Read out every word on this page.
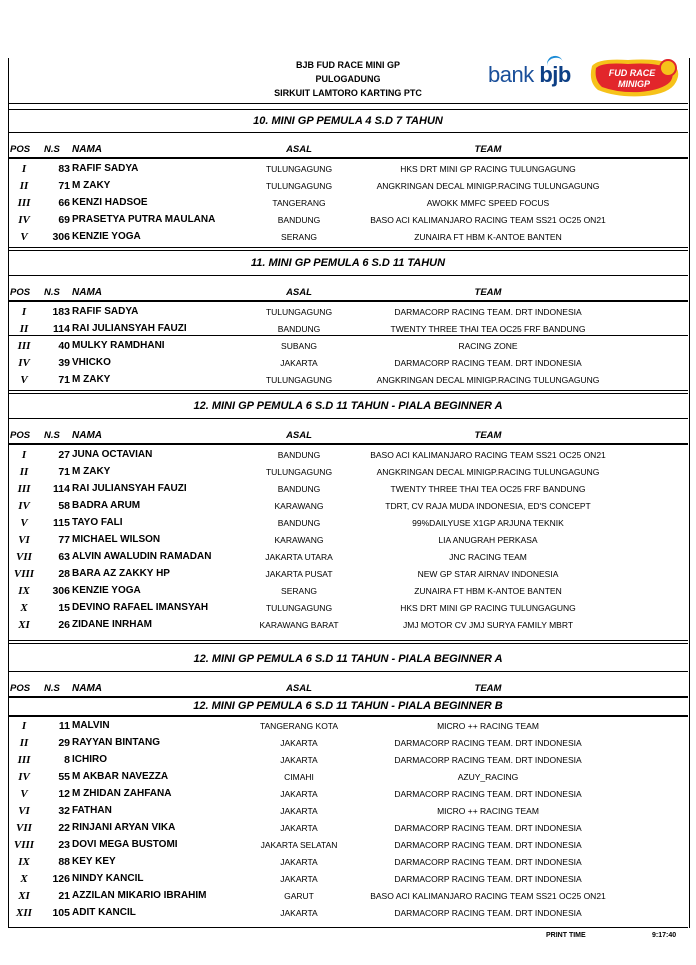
BJB FUD RACE MINI GP
PULOGADUNG
SIRKUIT LAMTORO KARTING PTC
bank bjb	FUD RACE
MINIGP
10. MINI GP PEMULA 4 S.D 7 TAHUN
POS	N.S	NAMA	ASAL	TEAM
I	83 RAFIF SADYA	TULUNGAGUNG	HKS DRT MINI GP RACING TULUNGAGUNG
II	71 M ZAKY	TULUNGAGUNG	ANGKRINGAN DECAL MINIGP.RACING TULUNGAGUNG
III	66 KENZI HADSOE	TANGERANG	AWOKK MMFC SPEED FOCUS
IV	69 PRASETYA PUTRA MAULANA	BANDUNG	BASO ACI KALIMANJARO RACING TEAM SS21 OC25 ON21
V	306 KENZIE YOGA	SERANG	ZUNAIRA FT HBM K-ANTOE BANTEN
11. MINI GP PEMULA 6 S.D 11 TAHUN
POS	N.S	NAMA	ASAL	TEAM
I	183 RAFIF SADYA	TULUNGAGUNG	DARMACORP RACING TEAM. DRT INDONESIA
II	114 RAI JULIANSYAH FAUZI	BANDUNG	TWENTY THREE THAI TEA OC25 FRF BANDUNG
III	40 MULKY RAMDHANI	SUBANG	RACING ZONE
IV	39 VHICKO	JAKARTA	DARMACORP RACING TEAM. DRT INDONESIA
V	71 M ZAKY	TULUNGAGUNG	ANGKRINGAN DECAL MINIGP.RACING TULUNGAGUNG
12. MINI GP PEMULA 6 S.D 11 TAHUN - PIALA BEGINNER A
POS	N.S	NAMA	ASAL	TEAM
I	27 JUNA OCTAVIAN	BANDUNG	BASO ACI KALIMANJARO RACING TEAM SS21 OC25 ON21
II	71 M ZAKY	TULUNGAGUNG	ANGKRINGAN DECAL MINIGP.RACING TULUNGAGUNG
III	114 RAI JULIANSYAH FAUZI	BANDUNG	TWENTY THREE THAI TEA OC25 FRF BANDUNG
IV	58 BADRA ARUM	KARAWANG	TDRT, CV RAJA MUDA INDONESIA, ED'S CONCEPT
V	115 TAYO FALI	BANDUNG	99%DAILYUSE X1GP ARJUNA TEKNIK
VI	77 MICHAEL WILSON	KARAWANG	LIA ANUGRAH PERKASA
VII	63 ALVIN AWALUDIN RAMADAN	JAKARTA UTARA	JNC RACING TEAM
VIII	28 BARA AZ ZAKKY HP	JAKARTA PUSAT	NEW GP STAR AIRNAV INDONESIA
IX	306 KENZIE YOGA	SERANG	ZUNAIRA FT HBM K-ANTOE BANTEN
X	15 DEVINO RAFAEL IMANSYAH	TULUNGAGUNG	HKS DRT MINI GP RACING TULUNGAGUNG
XI	26 ZIDANE INRHAM	KARAWANG BARAT	JMJ MOTOR CV JMJ SURYA FAMILY MBRT
12. MINI GP PEMULA 6 S.D 11 TAHUN - PIALA BEGINNER A
POS	N.S	NAMA	ASAL	TEAM
12. MINI GP PEMULA 6 S.D 11 TAHUN - PIALA BEGINNER B
I	11 MALVIN	TANGERANG KOTA	MICRO ++ RACING TEAM
II	29 RAYYAN BINTANG	JAKARTA	DARMACORP RACING TEAM. DRT INDONESIA
III	8 ICHIRO	JAKARTA	DARMACORP RACING TEAM. DRT INDONESIA
IV	55 M AKBAR NAVEZZA	CIMAHI	AZUY_RACING
V	12 M ZHIDAN ZAHFANA	JAKARTA	DARMACORP RACING TEAM. DRT INDONESIA
VI	32 FATHAN	JAKARTA	MICRO ++ RACING TEAM
VII	22 RINJANI ARYAN VIKA	JAKARTA	DARMACORP RACING TEAM. DRT INDONESIA
VIII	23 DOVI MEGA BUSTOMI	JAKARTA SELATAN	DARMACORP RACING TEAM. DRT INDONESIA
IX	88 KEY KEY	JAKARTA	DARMACORP RACING TEAM. DRT INDONESIA
X	126 NINDY KANCIL	JAKARTA	DARMACORP RACING TEAM. DRT INDONESIA
XI	21 AZZILAN MIKARIO IBRAHIM	GARUT	BASO ACI KALIMANJARO RACING TEAM SS21 OC25 ON21
XII	105 ADIT KANCIL	JAKARTA	DARMACORP RACING TEAM. DRT INDONESIA
PRINT TIME	9:17:40
